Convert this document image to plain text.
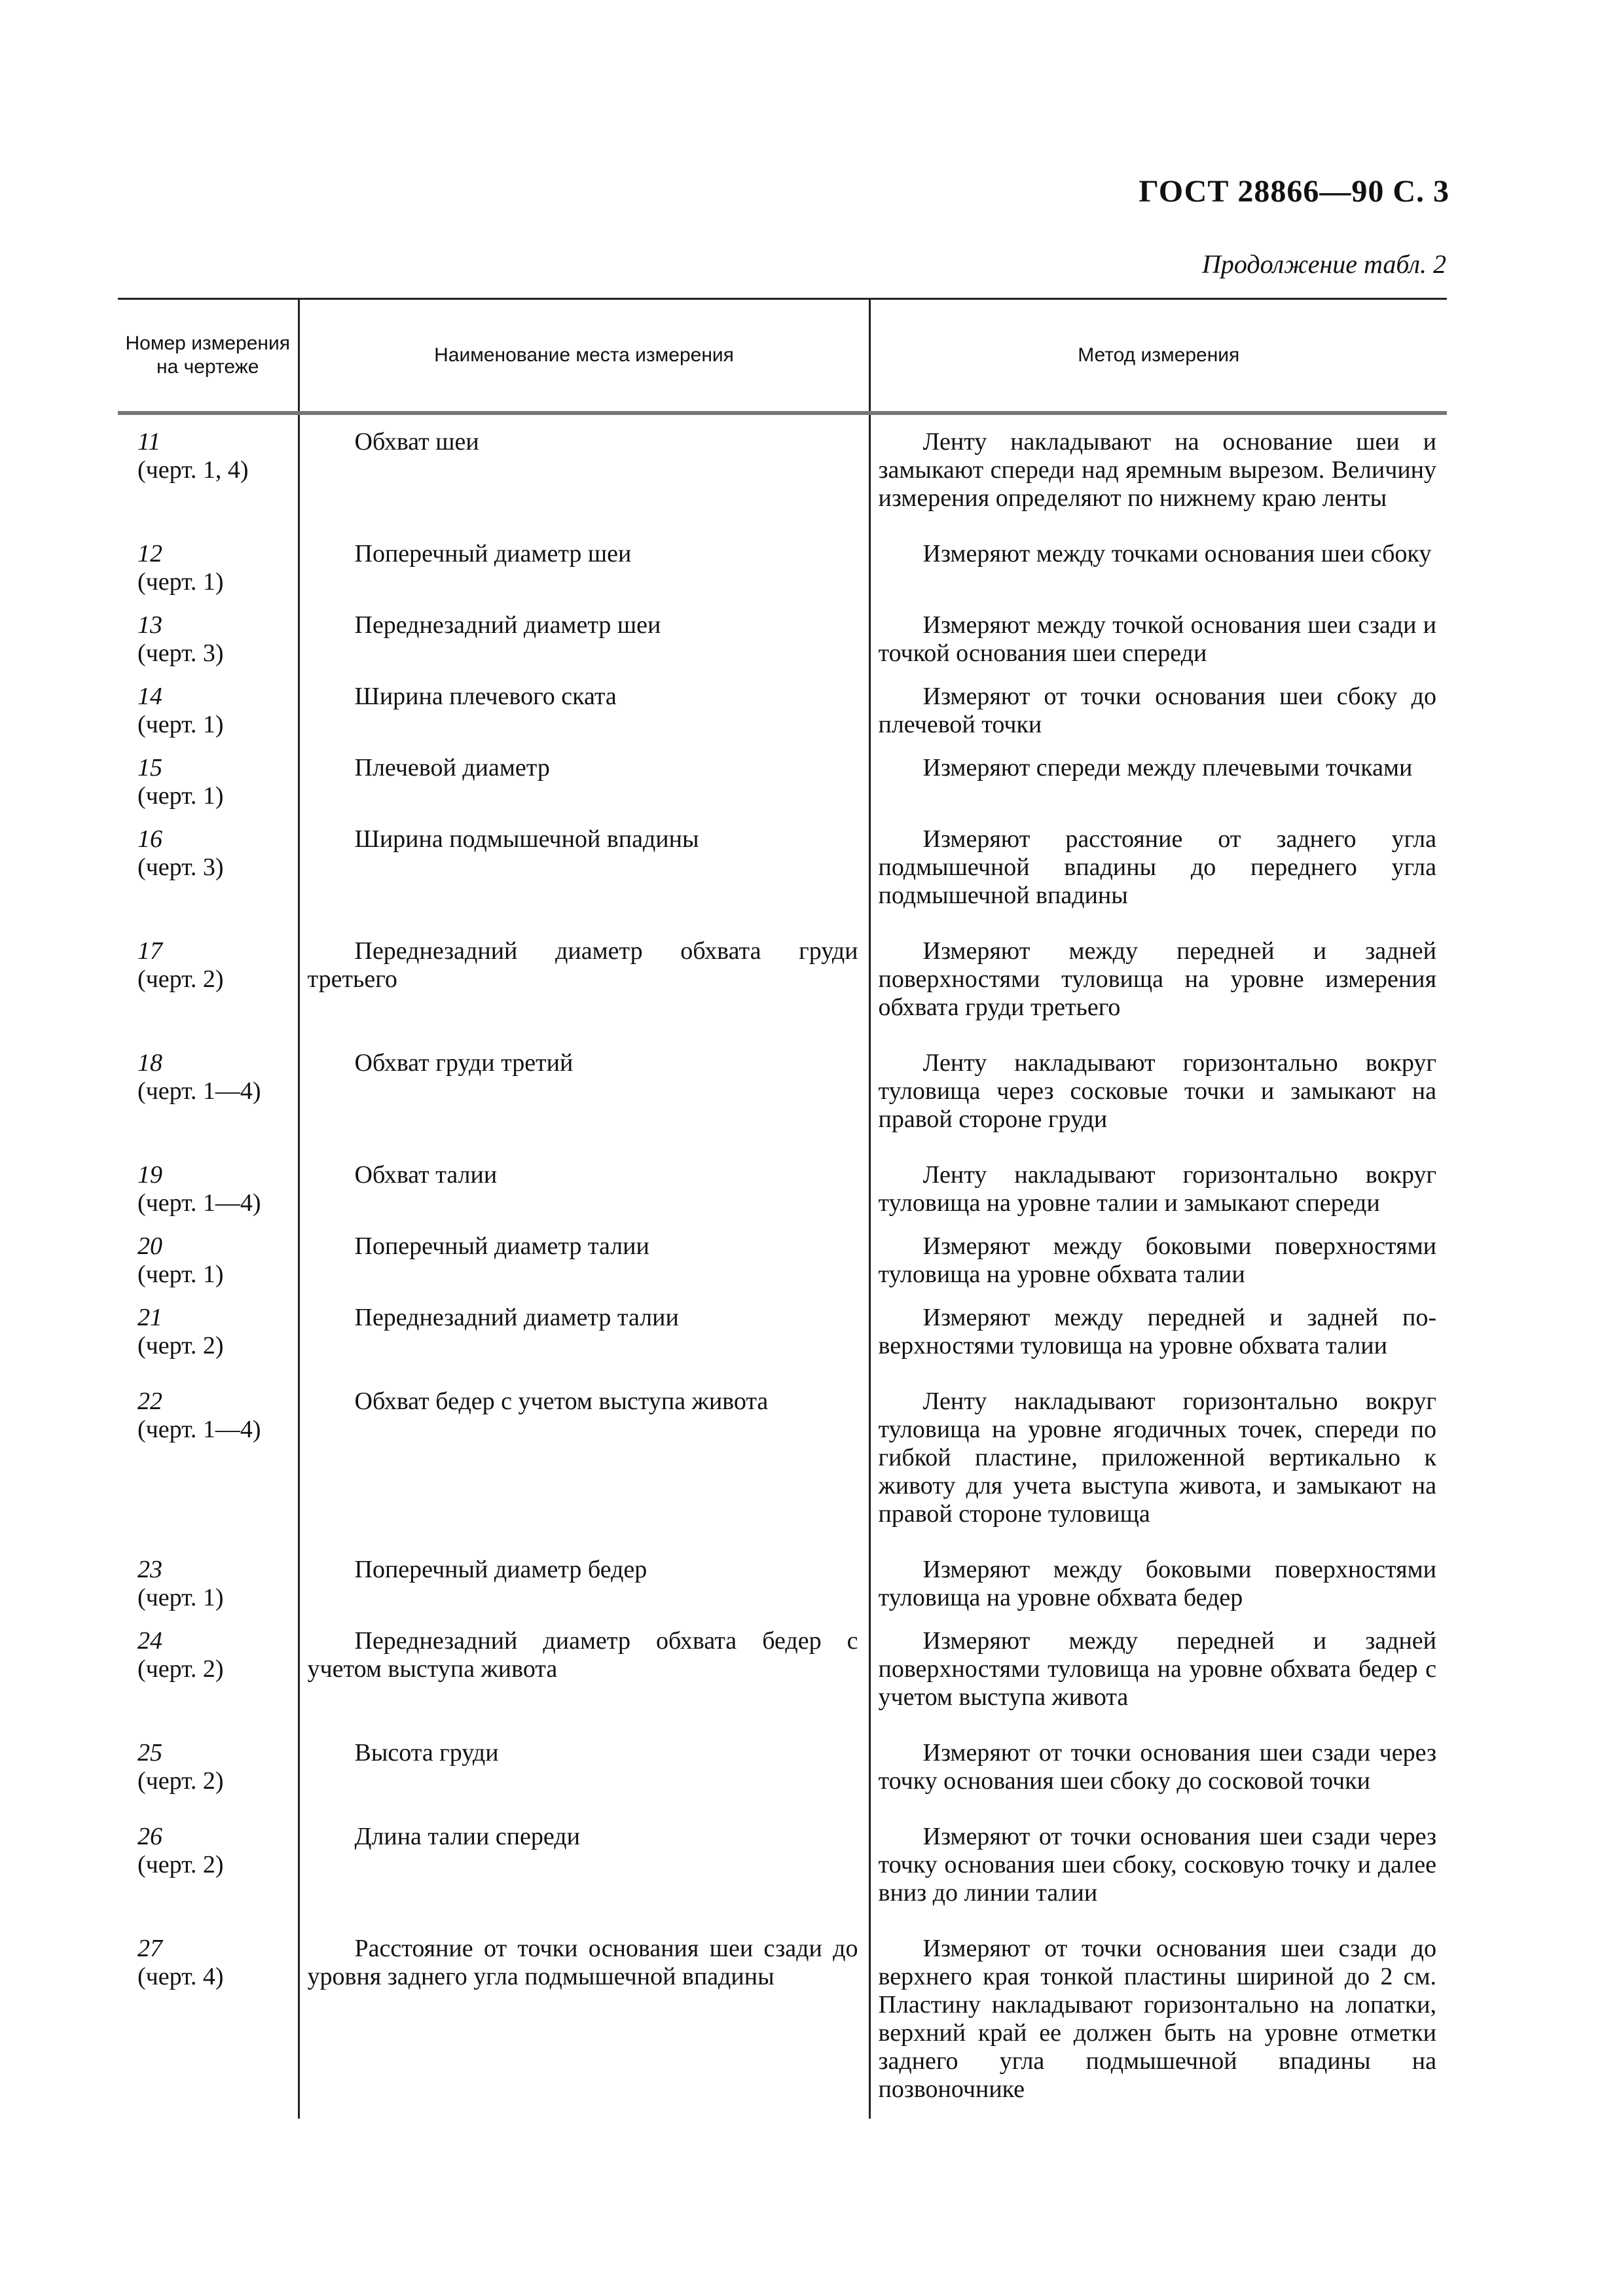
ГОСТ 28866—90 С. 3
Продолжение табл. 2
Номер измерения на чертеже	Наименование места измерения	Метод измерения

11
(черт. 1, 4)	Обхват шеи	Ленту накладывают на основание шеи и замыкают спереди над яремным вырезом. Величину измерения определяют по нижнему краю ленты

12
(черт. 1)	Поперечный диаметр шеи	Измеряют между точками основания шеи сбоку

13
(черт. 3)	Переднезадний диаметр шеи	Измеряют между точкой основания шеи сзади и точкой основания шеи спереди

14
(черт. 1)	Ширина плечевого ската	Измеряют от точки основания шеи сбоку до плечевой точки

15
(черт. 1)	Плечевой диаметр	Измеряют спереди между плечевыми точками

16
(черт. 3)	Ширина подмышечной впадины	Измеряют расстояние от заднего угла подмышечной впадины до переднего угла подмышечной впадины

17
(черт. 2)	Переднезадний диаметр обхвата груди третьего	Измеряют между передней и задней поверхностями туловища на уровне измерения обхвата груди третьего

18
(черт. 1—4)	Обхват груди третий	Ленту накладывают горизонтально вокруг туловища через сосковые точки и замыкают на правой стороне груди

19
(черт. 1—4)	Обхват талии	Ленту накладывают горизонтально вокруг туловища на уровне талии и замыкают спереди

20
(черт. 1)	Поперечный диаметр талии	Измеряют между боковыми поверхностями туловища на уровне обхвата талии

21
(черт. 2)	Переднезадний диаметр талии	Измеряют между передней и задней поверхностями туловища на уровне обхвата талии

22
(черт. 1—4)	Обхват бедер с учетом выступа живота	Ленту накладывают горизонтально вокруг туловища на уровне ягодичных точек, спереди по гибкой пластине, приложенной вертикально к животу для учета выступа живота, и замыкают на правой стороне туловища

23
(черт. 1)	Поперечный диаметр бедер	Измеряют между боковыми поверхностями туловища на уровне обхвата бедер

24
(черт. 2)	Переднезадний диаметр обхвата бедер с учетом выступа живота	Измеряют между передней и задней поверхностями туловища на уровне обхвата бедер с учетом выступа живота

25
(черт. 2)	Высота груди	Измеряют от точки основания шеи сзади через точку основания шеи сбоку до сосковой точки

26
(черт. 2)	Длина талии спереди	Измеряют от точки основания шеи сзади через точку основания шеи сбоку, сосковую точку и далее вниз до линии талии

27
(черт. 4)	Расстояние от точки основания шеи сзади до уровня заднего угла подмышечной впадины	Измеряют от точки основания шеи сзади до верхнего края тонкой пластины шириной до 2 см. Пластину накладывают горизонтально на лопатки, верхний край ее должен быть на уровне отметки заднего угла подмышечной впадины на позвоночнике
